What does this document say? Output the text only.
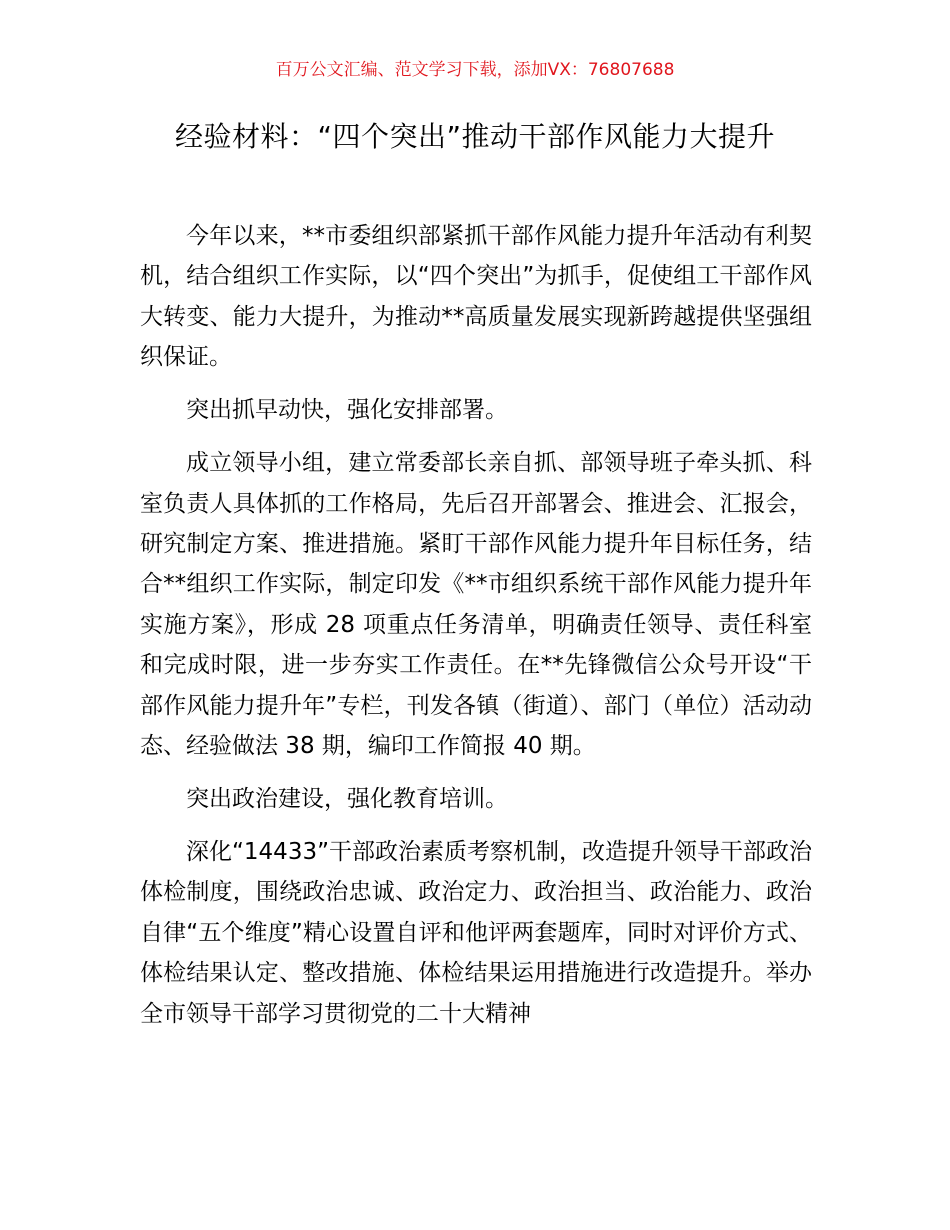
百万公文汇编、范文学习下载，添加VX：76807688
经验材料：“四个突出”推动干部作风能力大提升

今年以来，**市委组织部紧抓干部作风能力提升年活动有利契机，结合组织工作实际，以“四个突出”为抓手，促使组工干部作风大转变、能力大提升，为推动**高质量发展实现新跨越提供坚强组织保证。

突出抓早动快，强化安排部署。

成立领导小组，建立常委部长亲自抓、部领导班子牵头抓、科室负责人具体抓的工作格局，先后召开部署会、推进会、汇报会，研究制定方案、推进措施。紧盯干部作风能力提升年目标任务，结合**组织工作实际，制定印发《**市组织系统干部作风能力提升年实施方案》，形成 28 项重点任务清单，明确责任领导、责任科室和完成时限，进一步夯实工作责任。在**先锋微信公众号开设“干部作风能力提升年”专栏，刊发各镇（街道）、部门（单位）活动动态、经验做法 38 期，编印工作简报 40 期。

突出政治建设，强化教育培训。

深化“14433”干部政治素质考察机制，改造提升领导干部政治体检制度，围绕政治忠诚、政治定力、政治担当、政治能力、政治自律“五个维度”精心设置自评和他评两套题库，同时对评价方式、体检结果认定、整改措施、体检结果运用措施进行改造提升。举办全市领导干部学习贯彻党的二十大精神
